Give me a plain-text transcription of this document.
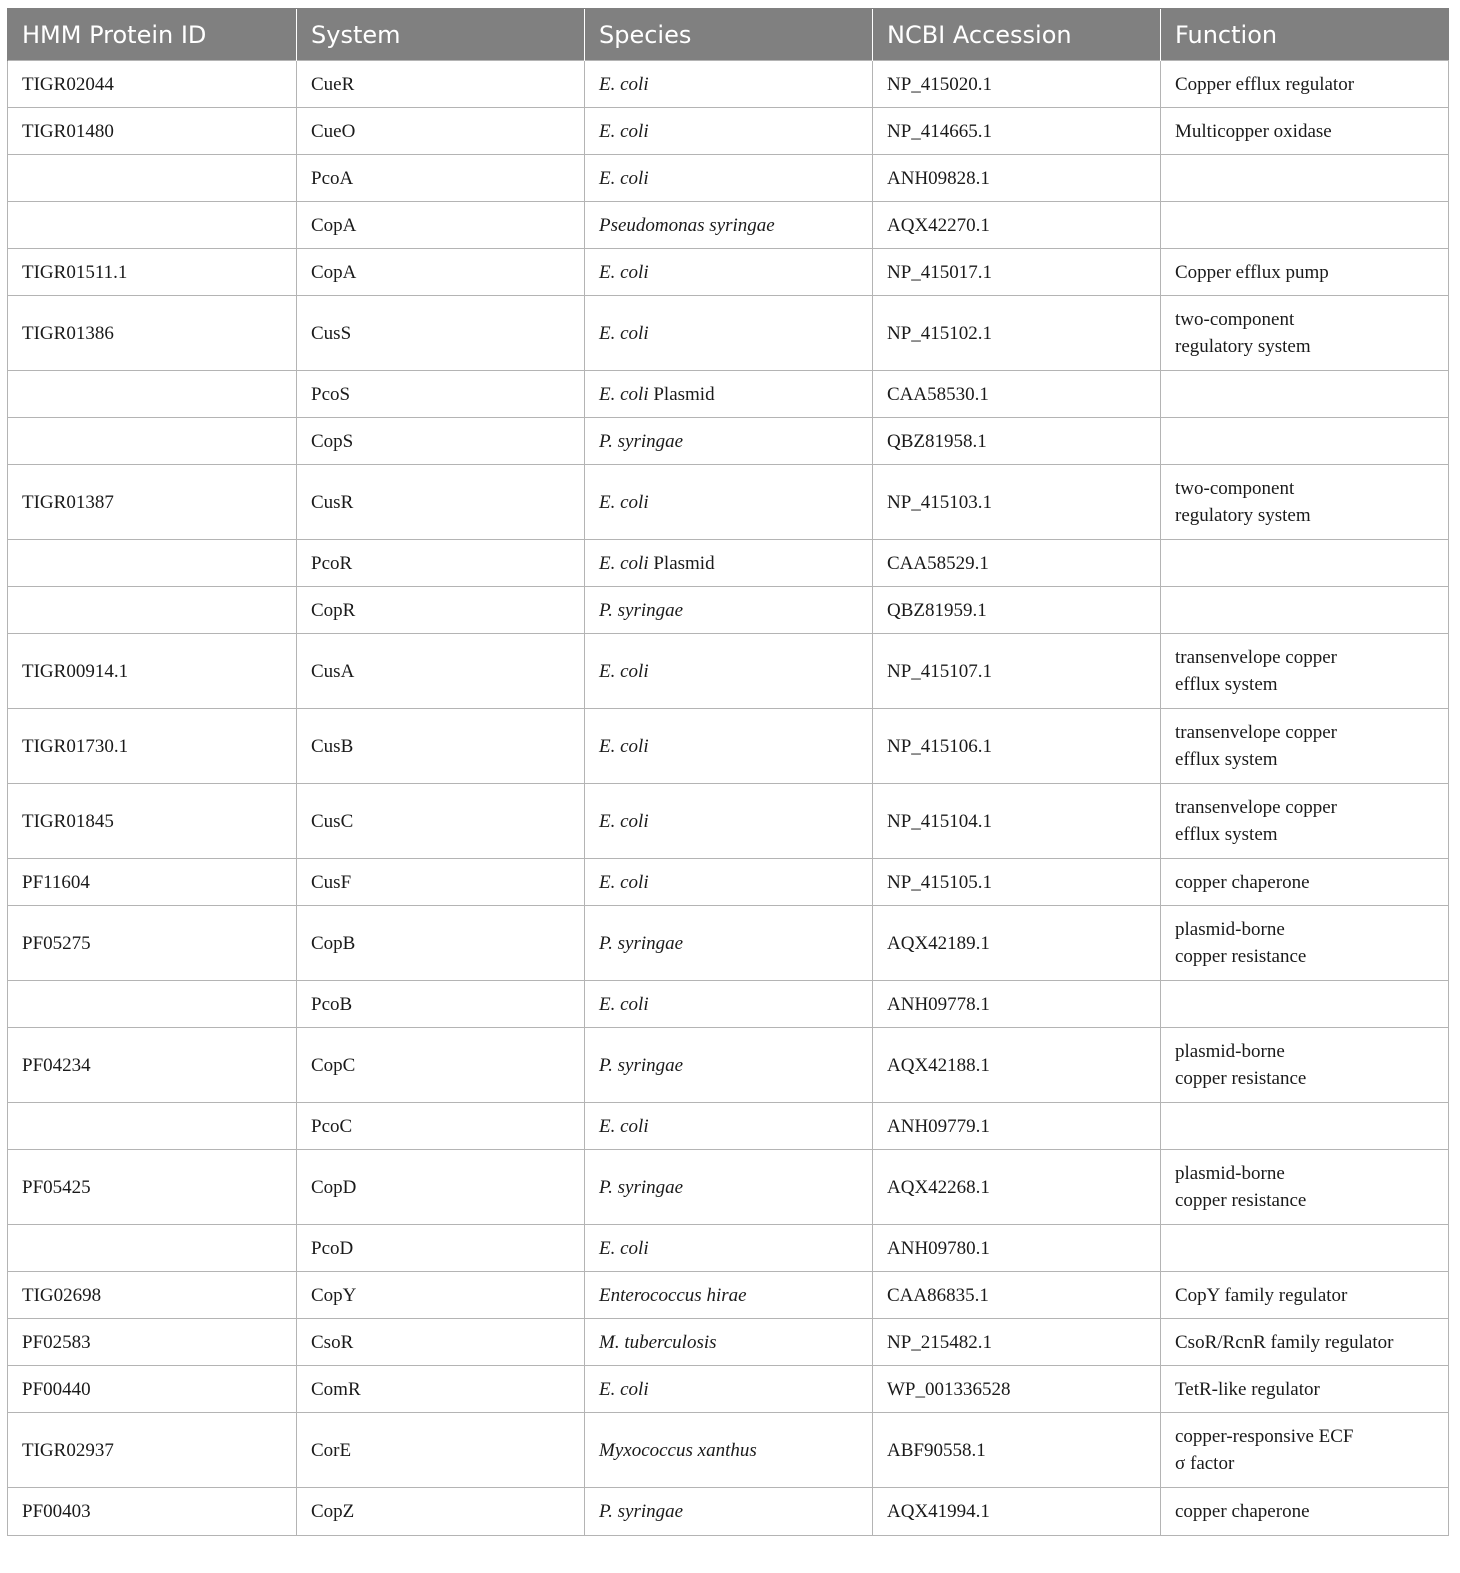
HMM Protein ID	System	Species	NCBI Accession	Function
TIGR02044	CueR	E. coli	NP_415020.1	Copper efflux regulator

TIGR01480	CueO	E. coli	NP_414665.1	Multicopper oxidase

	PcoA	E. coli	ANH09828.1	

	CopA	Pseudomonas syringae	AQX42270.1	

TIGR01511.1	CopA	E. coli	NP_415017.1	Copper efflux pump

TIGR01386	CusS	E. coli	NP_415102.1	two-component
regulatory system

	PcoS	E. coli Plasmid	CAA58530.1	

	CopS	P. syringae	QBZ81958.1	

TIGR01387	CusR	E. coli	NP_415103.1	two-component
regulatory system

	PcoR	E. coli Plasmid	CAA58529.1	

	CopR	P. syringae	QBZ81959.1	

TIGR00914.1	CusA	E. coli	NP_415107.1	transenvelope copper
efflux system

TIGR01730.1	CusB	E. coli	NP_415106.1	transenvelope copper
efflux system

TIGR01845	CusC	E. coli	NP_415104.1	transenvelope copper
efflux system

PF11604	CusF	E. coli	NP_415105.1	copper chaperone

PF05275	CopB	P. syringae	AQX42189.1	plasmid-borne
copper resistance

	PcoB	E. coli	ANH09778.1	

PF04234	CopC	P. syringae	AQX42188.1	plasmid-borne
copper resistance

	PcoC	E. coli	ANH09779.1	

PF05425	CopD	P. syringae	AQX42268.1	plasmid-borne
copper resistance

	PcoD	E. coli	ANH09780.1	

TIG02698	CopY	Enterococcus hirae	CAA86835.1	CopY family regulator

PF02583	CsoR	M. tuberculosis	NP_215482.1	CsoR/RcnR family regulator

PF00440	ComR	E. coli	WP_001336528	TetR-like regulator

TIGR02937	CorE	Myxococcus xanthus	ABF90558.1	copper-responsive ECF
σ factor

PF00403	CopZ	P. syringae	AQX41994.1	copper chaperone
